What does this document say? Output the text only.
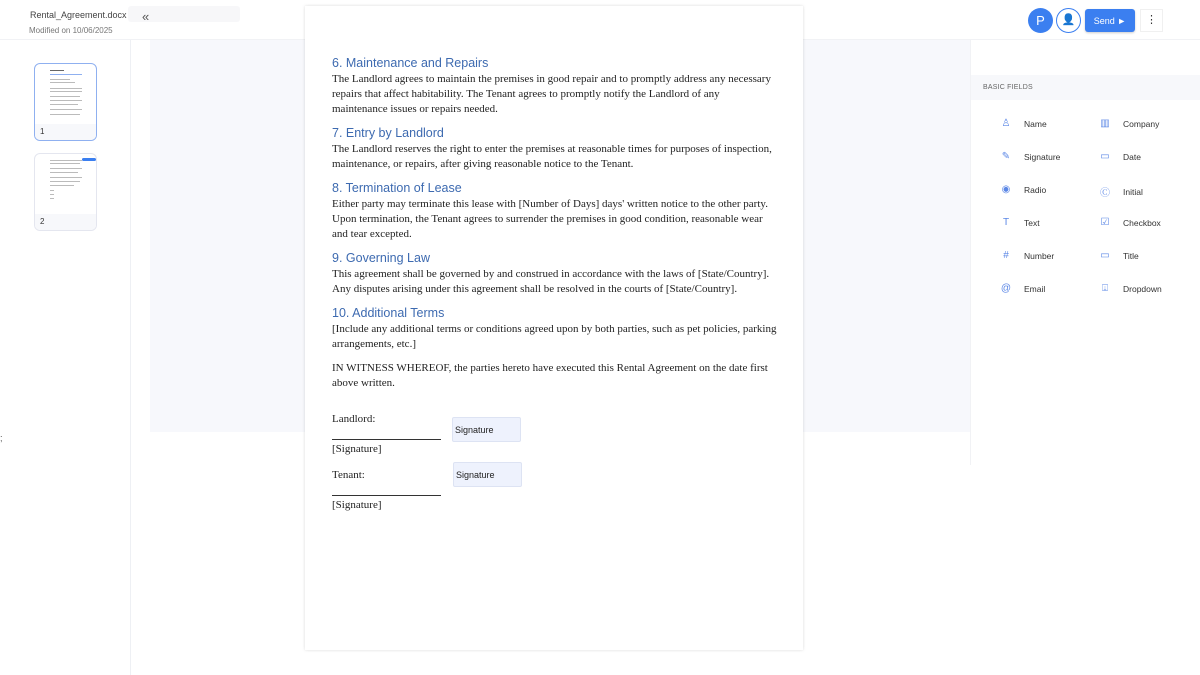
Rental_Agreement.docx
Modified on 10/06/2025
«	P	👤	Send ►	⋮
1
2
6. Maintenance and Repairs

The Landlord agrees to maintain the premises in good repair and to promptly address any necessary repairs that affect habitability. The Tenant agrees to promptly notify the Landlord of any maintenance issues or repairs needed.

7. Entry by Landlord

The Landlord reserves the right to enter the premises at reasonable times for purposes of inspection, maintenance, or repairs, after giving reasonable notice to the Tenant.

8. Termination of Lease

Either party may terminate this lease with [Number of Days] days' written notice to the other party. Upon termination, the Tenant agrees to surrender the premises in good condition, reasonable wear and tear excepted.

9. Governing Law

This agreement shall be governed by and construed in accordance with the laws of [State/Country]. Any disputes arising under this agreement shall be resolved in the courts of [State/Country].

10. Additional Terms

[Include any additional terms or conditions agreed upon by both parties, such as pet policies, parking arrangements, etc.]

IN WITNESS WHEREOF, the parties hereto have executed this Rental Agreement on the date first above written.

Landlord:
[Signature]
Signature
Tenant:
[Signature]
Signature
BASIC FIELDS
♙ Name	▥ Company
✎ Signature	▭ Date
◉ Radio	Ⓒ Initial
T	Text	☑ Checkbox
#	Number	▭ Title
@ Email	⍗	Dropdown
;
